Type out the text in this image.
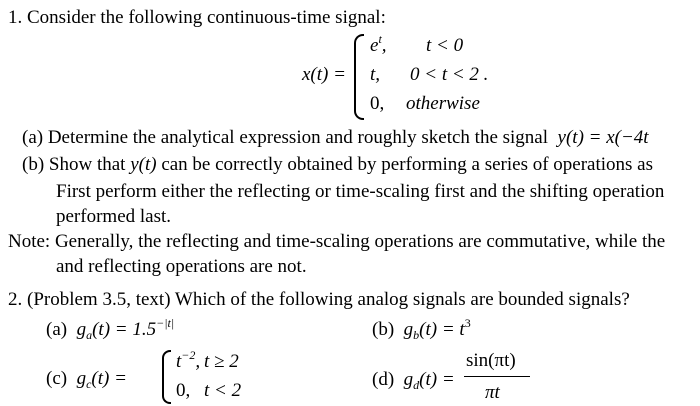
1. Consider the following continuous-time signal:
x(t) =
$e^t$, t < 0
t, 0 < t < 2 .
0, otherwise
(a) Determine the analytical expression and roughly sketch the signal y(t) = x(−4t
(b) Show that y(t) can be correctly obtained by performing a series of operations as
First perform either the reflecting or time-scaling first and the shifting operation
performed last.
Note: Generally, the reflecting and time-scaling operations are commutative, while the
and reflecting operations are not.
2. (Problem 3.5, text) Which of the following analog signals are bounded signals?
(a) $g_a(t) = 1.5^{-|t|}$	(b) $g_b(t) = t^3$
(c) $g_c(t)$ =
$t^{-2}$, t ≥ 2
0, t < 2
(d) $g_d(t)$ =
sin(πt)
πt
